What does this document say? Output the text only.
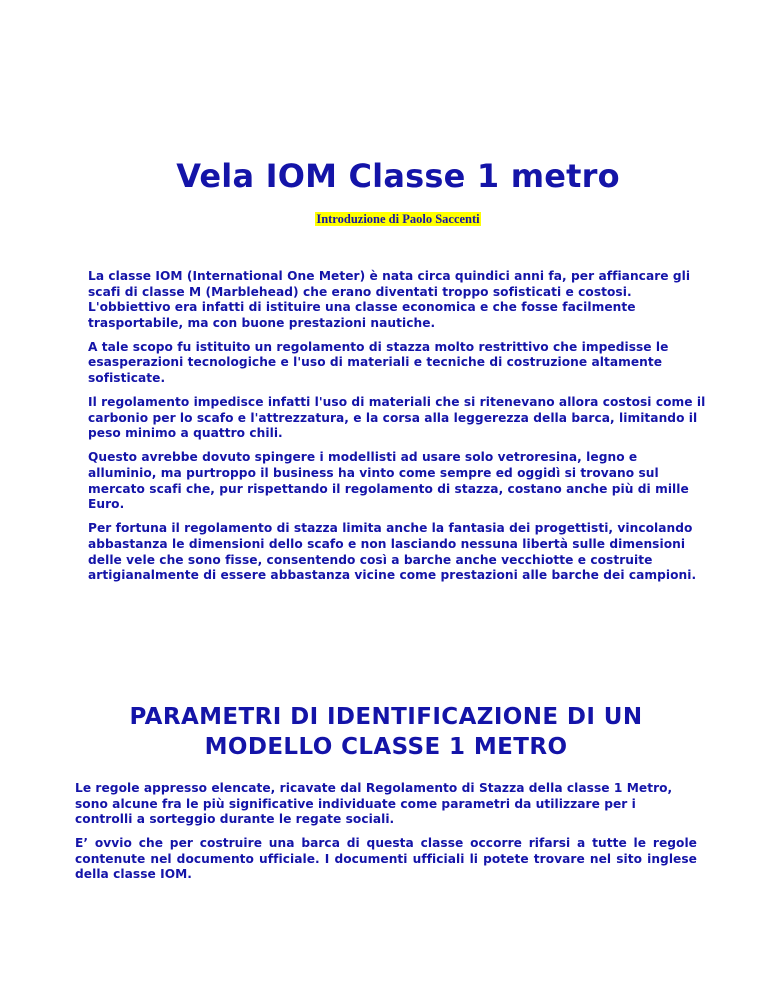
Vela IOM Classe 1 metro
Introduzione di Paolo Saccenti

La classe IOM (International One Meter) è nata circa quindici anni fa, per affiancare gli scafi di classe M (Marblehead) che erano diventati troppo sofisticati e costosi. L'obbiettivo era infatti di istituire una classe economica e che fosse facilmente trasportabile, ma con buone prestazioni nautiche.

A tale scopo fu istituito un regolamento di stazza molto restrittivo che impedisse le esasperazioni tecnologiche e l'uso di materiali e tecniche di costruzione altamente sofisticate.

Il regolamento impedisce infatti l'uso di materiali che si ritenevano allora costosi come il carbonio per lo scafo e l'attrezzatura, e la corsa alla leggerezza della barca, limitando il peso minimo a quattro chili.

Questo avrebbe dovuto spingere i modellisti ad usare solo vetroresina, legno e alluminio, ma purtroppo il business ha vinto come sempre ed oggidì si trovano sul mercato scafi che, pur rispettando il regolamento di stazza, costano anche più di mille Euro.

Per fortuna il regolamento di stazza limita anche la fantasia dei progettisti, vincolando abbastanza le dimensioni dello scafo e non lasciando nessuna libertà sulle dimensioni delle vele che sono fisse, consentendo così a barche anche vecchiotte e costruite artigianalmente di essere abbastanza vicine come prestazioni alle barche dei campioni.

PARAMETRI DI IDENTIFICAZIONE DI UN MODELLO CLASSE 1 METRO

Le regole appresso elencate, ricavate dal Regolamento di Stazza della classe 1 Metro, sono alcune fra le più significative individuate come parametri da utilizzare per i controlli a sorteggio durante le regate sociali.

E’ ovvio che per costruire una barca di questa classe occorre rifarsi a tutte le regole contenute nel documento ufficiale. I documenti ufficiali li potete trovare nel sito inglese della classe IOM.
